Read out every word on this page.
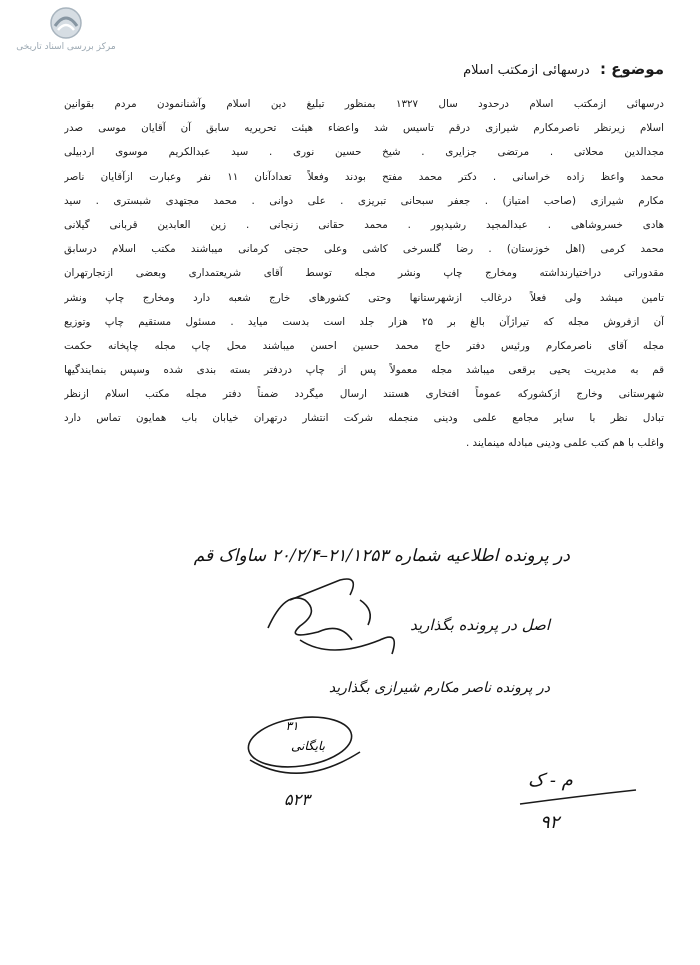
مرکز بررسی اسناد تاریخی
موضوع : درسهائی ازمکتب اسلام
درسهائی ازمکتب اسلام درحدود سال ۱۳۲۷ بمنظور تبلیغ دین اسلام وآشنانمودن مردم بقوانین
اسلام زیرنظر ناصرمکارم شیرازی درقم تاسیس شد واعضاء هیئت تحریریه سابق آن آقایان موسی صدر
مجدالدین محلاتی . مرتضی جزایری . شیخ حسین نوری . سید عبدالکریم موسوی اردبیلی
محمد واعظ زاده خراسانی . دکتر محمد مفتح بودند وفعلاً تعدادآنان ۱۱ نفر وعبارت ازآقایان ناصر
مکارم شیرازی (صاحب امتیاز) . جعفر سبحانی تبریزی . علی دوانی . محمد مجتهدی شبستری . سید
هادی خسروشاهی . عبدالمجید رشیدپور . محمد حقانی زنجانی . زین العابدین قربانی گیلانی
محمد کرمی (اهل خوزستان) . رضا گلسرخی کاشی وعلی حجتی کرمانی میباشند مکتب اسلام درسابق
مقدوراتی دراختیارنداشته ومخارج چاپ ونشر مجله توسط آقای شریعتمداری وبعضی ازتجارتهران
تامین میشد ولی فعلاً درغالب ازشهرستانها وحتی کشورهای خارج شعبه دارد ومخارج چاپ ونشر
آن ازفروش مجله که تیراژآن بالغ بر ۲۵ هزار جلد است بدست میاید . مسئول مستقیم چاپ وتوزیع
مجله آقای ناصرمکارم ورئیس دفتر حاج محمد حسین احسن میباشند محل چاپ مجله چاپخانه حکمت
قم به مدیریت یحیی برقعی میباشد مجله معمولاً پس از چاپ دردفتر بسته بندی شده وسپس بنمایندگیها
شهرستانی وخارج ازکشورکه عموماً افتخاری هستند ارسال میگردد ضمناً دفتر مجله مکتب اسلام ازنظر
تبادل نظر با سایر مجامع علمی ودینی منجمله شرکت انتشار درتهران خیابان باب همایون تماس دارد
واغلب با هم کتب علمی ودینی مبادله مینمایند .
در پرونده اطلاعیه شماره ۲۱/۱۲۵۳–۲۰/۲/۴ ساواک قم
اصل در پرونده بگذارید
در پرونده ناصر مکارم شیرازی بگذارید
م - ک
۹۲
۵۲۳
بایگانی
۳۱
